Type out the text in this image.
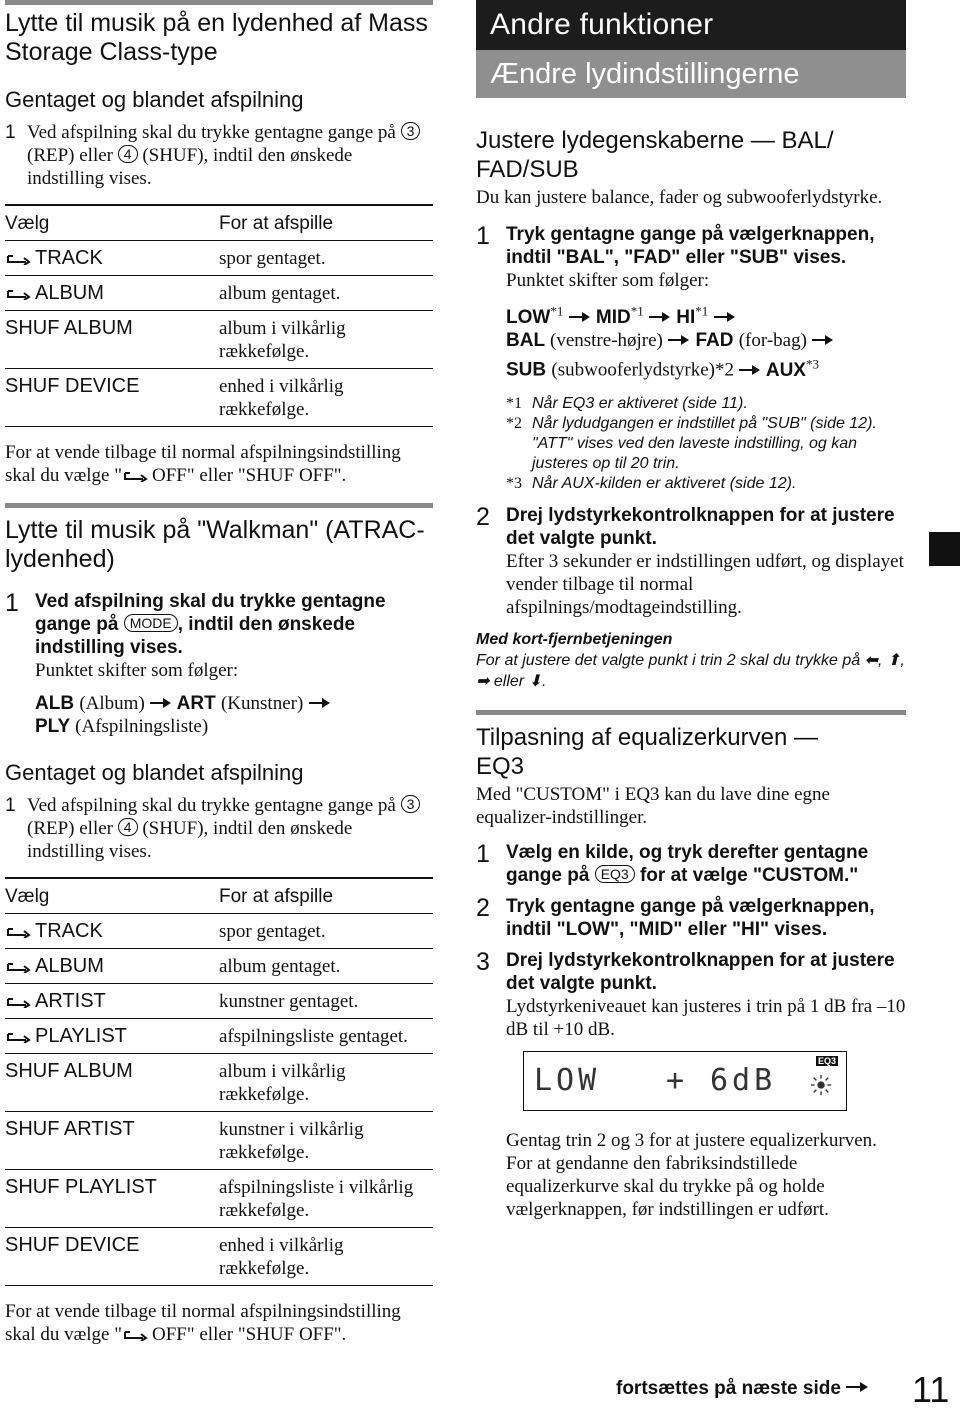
Lytte til musik på en lydenhed af Mass Storage Class-type
Gentaget og blandet afspilning
1 Ved afspilning skal du trykke gentagne gange på 3(REP) eller 4 (SHUF), indtil den ønskede indstilling vises.
Vælg	For at afspille
TRACK	spor gentaget.
ALBUM	album gentaget.
SHUF ALBUM	album i vilkårlig rækkefølge.
SHUF DEVICE	enhed i vilkårlig rækkefølge.
For at vende tilbage til normal afspilningsindstilling skal du vælge " OFF" eller "SHUF OFF".
Lytte til musik på "Walkman" (ATRAC-lydenhed)
1 Ved afspilning skal du trykke gentagne gange på MODE , indtil den ønskede indstilling vises.
Punktet skifter som følger:
ALB (Album) ART (Kunstner)
PLY (Afspilningsliste)
Gentaget og blandet afspilning
1 Ved afspilning skal du trykke gentagne gange på 3(REP) eller 4 (SHUF), indtil den ønskede indstilling vises.
Vælg	For at afspille
TRACK	spor gentaget.
ALBUM	album gentaget.
ARTIST	kunstner gentaget.
PLAYLIST	afspilningsliste gentaget.
SHUF ALBUM	album i vilkårlig rækkefølge.
SHUF ARTIST	kunstner i vilkårlig rækkefølge.
SHUF PLAYLIST	afspilningsliste i vilkårlig rækkefølge.
SHUF DEVICE	enhed i vilkårlig rækkefølge.
For at vende tilbage til normal afspilningsindstilling skal du vælge " OFF" eller "SHUF OFF".
Andre funktioner
Ændre lydindstillingerne
Justere lydegenskaberne — BAL/ FAD/SUB
Du kan justere balance, fader og subwooferlydstyrke.
1 Tryk gentagne gange på vælgerknappen, indtil "BAL", "FAD" eller "SUB" vises.
Punktet skifter som følger:
LOW$^{*1}$ MID$^{*1}$ HI$^{*1}$
BAL (venstre-højre) FAD (for-bag)
SUB (subwooferlydstyrke)*2 AUX$^{*3}$
*1 Når EQ3 er aktiveret (side 11).
*2 Når lydudgangen er indstillet på "SUB" (side 12). "ATT" vises ved den laveste indstilling, og kan justeres op til 20 trin.
*3 Når AUX-kilden er aktiveret (side 12).
2 Drej lydstyrkekontrolknappen for at justere det valgte punkt.
Efter 3 sekunder er indstillingen udført, og displayet vender tilbage til normal afspilnings/modtageindstilling.
Med kort-fjernbetjeningen
For at justere det valgte punkt i trin 2 skal du trykke på ⬅, ⬆, ➡ eller ⬇.
Tilpasning af equalizerkurven — EQ3
Med "CUSTOM" i EQ3 kan du lave dine egne equalizer-indstillinger.
1 Vælg en kilde, og tryk derefter gentagne gange på EQ3 for at vælge "CUSTOM."
2 Tryk gentagne gange på vælgerknappen, indtil "LOW", "MID" eller "HI" vises.
3 Drej lydstyrkekontrolknappen for at justere det valgte punkt.
Lydstyrkeniveauet kan justeres i trin på 1 dB fra –10 dB til +10 dB.
LOW + 6dB
EQ3
Gentag trin 2 og 3 for at justere equalizerkurven.
For at gendanne den fabriksindstillede equalizerkurve skal du trykke på og holde vælgerknappen, før indstillingen er udført.
fortsættes på næste side	11
